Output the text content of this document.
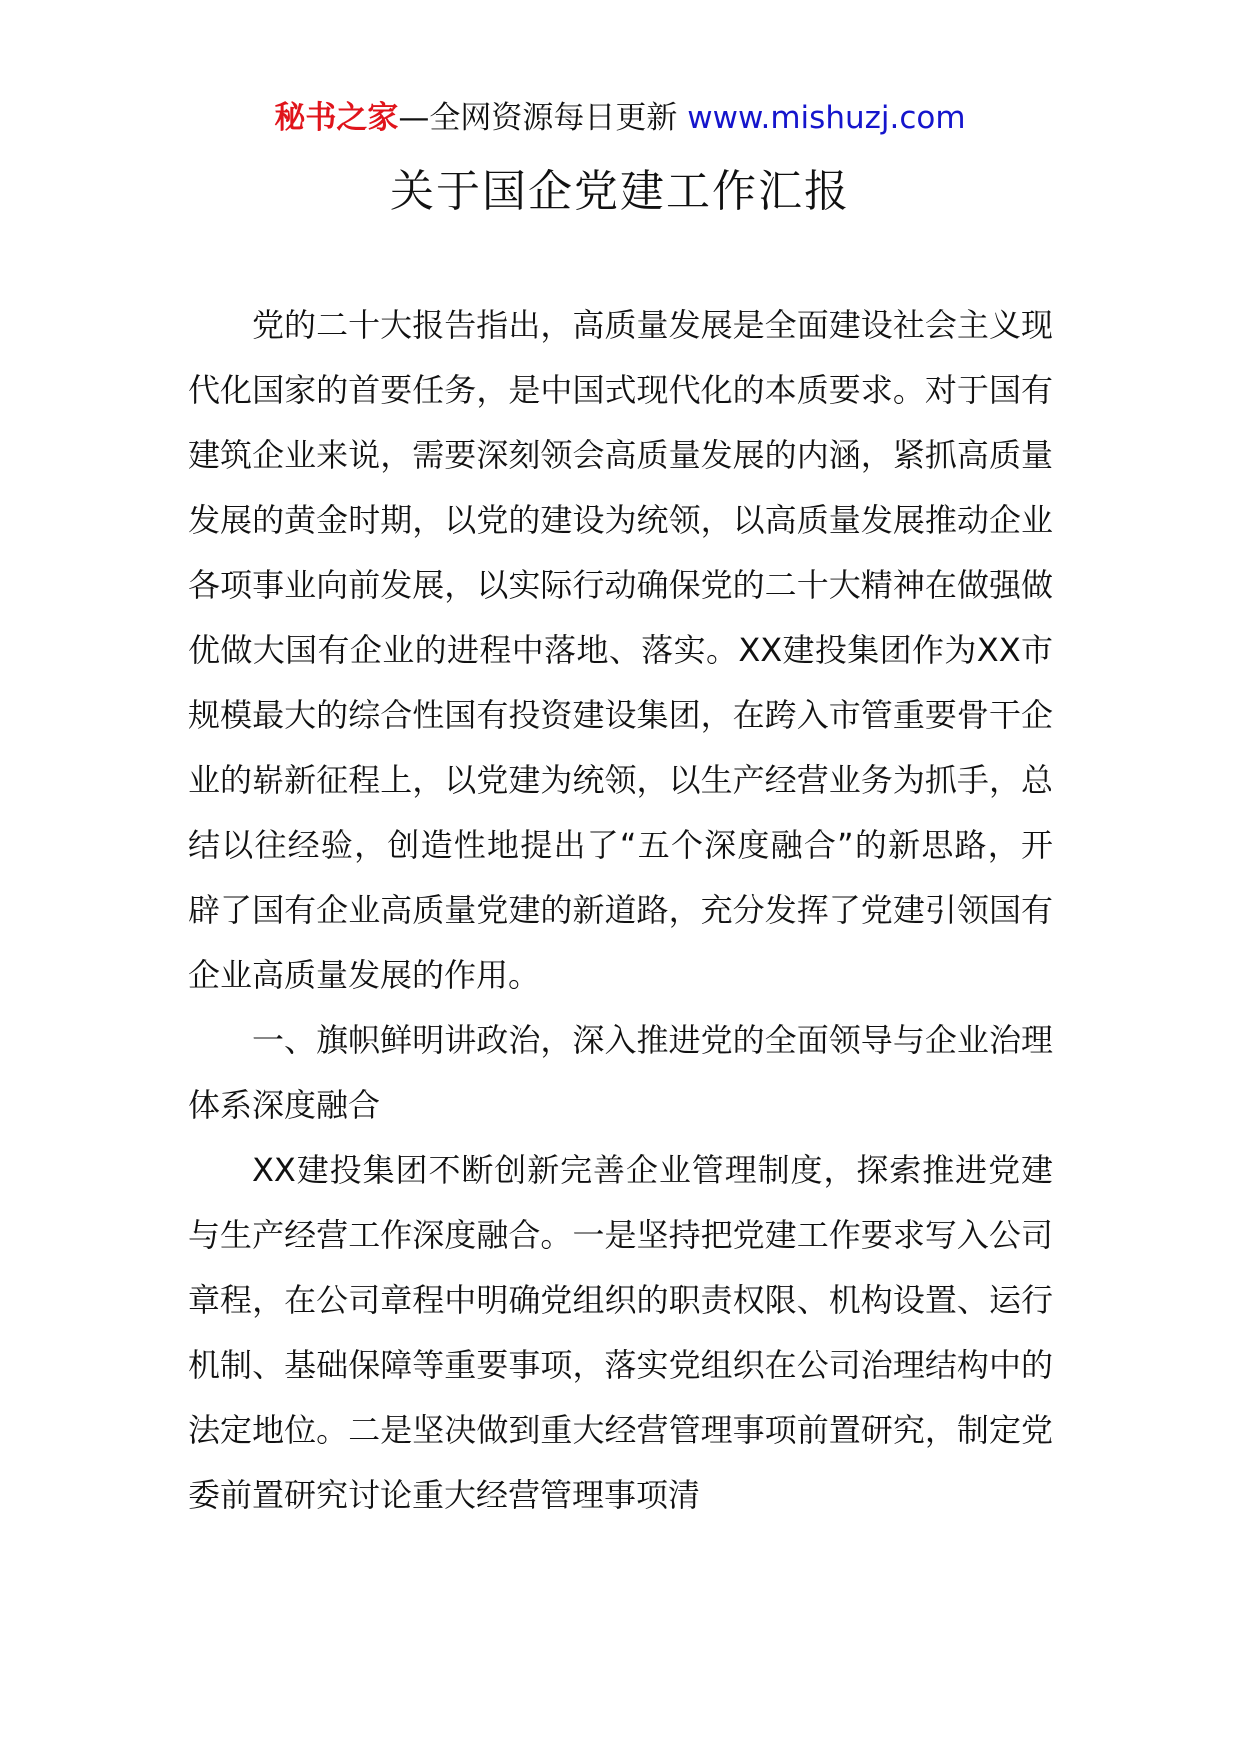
秘书之家—全网资源每日更新 www.mishuzj.com
关于国企党建工作汇报

党的二十大报告指出，高质量发展是全面建设社会主义现代化国家的首要任务，是中国式现代化的本质要求。对于国有建筑企业来说，需要深刻领会高质量发展的内涵，紧抓高质量发展的黄金时期，以党的建设为统领，以高质量发展推动企业各项事业向前发展，以实际行动确保党的二十大精神在做强做优做大国有企业的进程中落地、落实。XX建投集团作为XX市规模最大的综合性国有投资建设集团，在跨入市管重要骨干企业的崭新征程上，以党建为统领，以生产经营业务为抓手，总结以往经验，创造性地提出了“五个深度融合”的新思路，开辟了国有企业高质量党建的新道路，充分发挥了党建引领国有企业高质量发展的作用。

一、旗帜鲜明讲政治，深入推进党的全面领导与企业治理体系深度融合

XX建投集团不断创新完善企业管理制度，探索推进党建与生产经营工作深度融合。一是坚持把党建工作要求写入公司章程，在公司章程中明确党组织的职责权限、机构设置、运行机制、基础保障等重要事项，落实党组织在公司治理结构中的法定地位。二是坚决做到重大经营管理事项前置研究，制定党委前置研究讨论重大经营管理事项清
